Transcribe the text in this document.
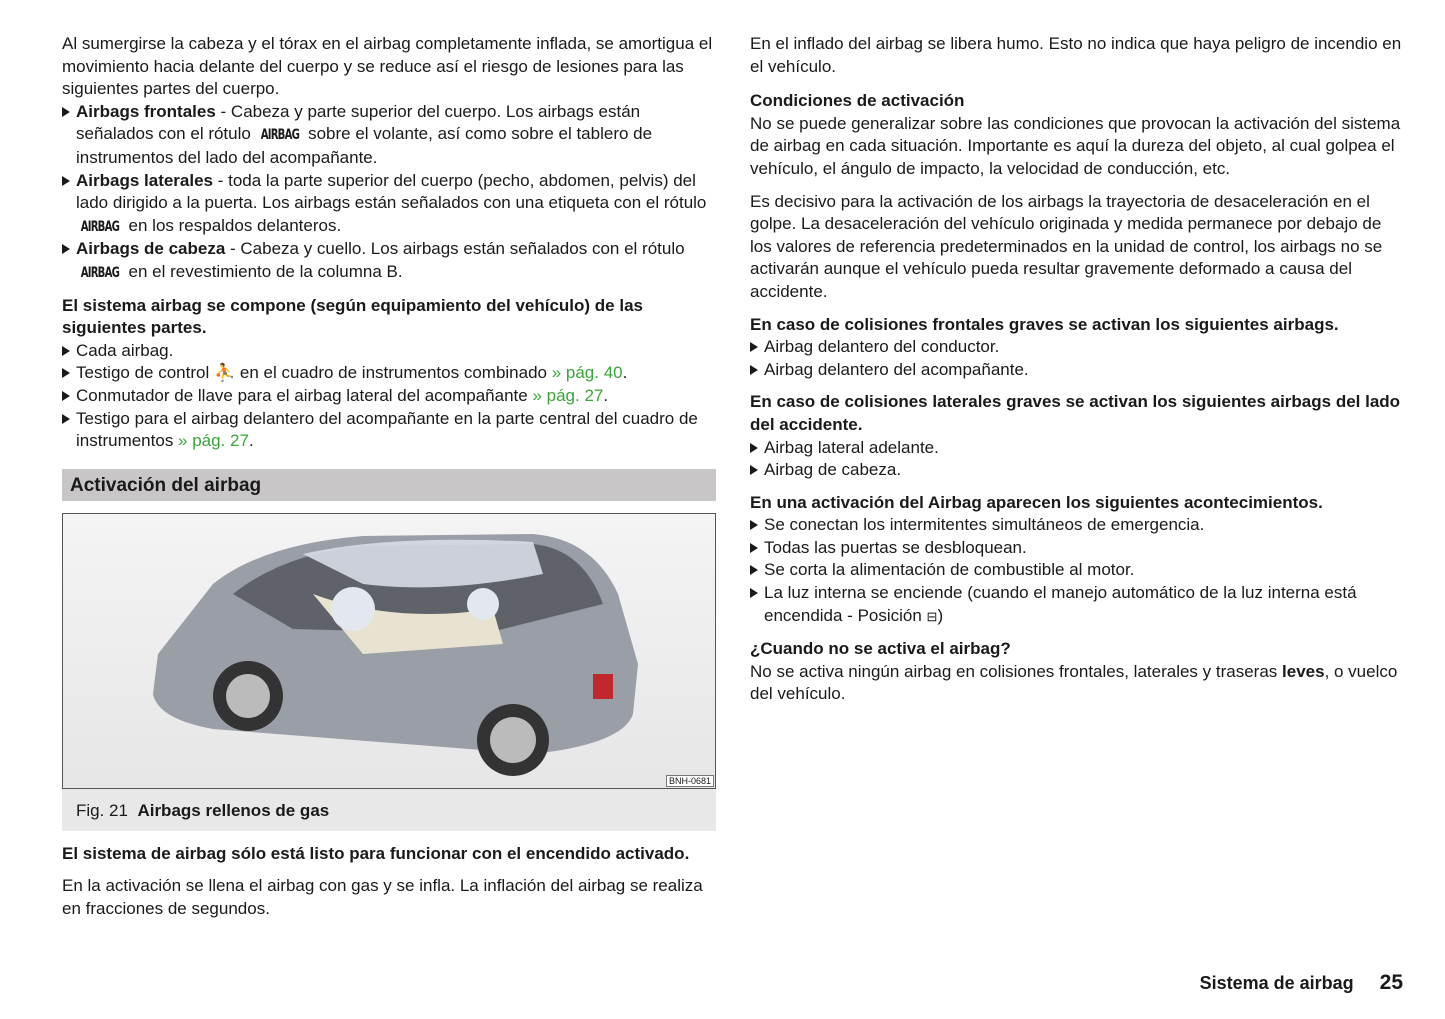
Al sumergirse la cabeza y el tórax en el airbag completamente inflada, se amortigua el movimiento hacia delante del cuerpo y se reduce así el riesgo de lesiones para las siguientes partes del cuerpo.

Airbags frontales - Cabeza y parte superior del cuerpo. Los airbags están señalados con el rótulo AIRBAG sobre el volante, así como sobre el tablero de instrumentos del lado del acompañante.
Airbags laterales - toda la parte superior del cuerpo (pecho, abdomen, pelvis) del lado dirigido a la puerta. Los airbags están señalados con una etiqueta con el rótulo AIRBAG en los respaldos delanteros.
Airbags de cabeza - Cabeza y cuello. Los airbags están señalados con el rótulo AIRBAG en el revestimiento de la columna B.

El sistema airbag se compone (según equipamiento del vehículo) de las siguientes partes.

Cada airbag.
Testigo de control ⛹ en el cuadro de instrumentos combinado » pág. 40.
Conmutador de llave para el airbag lateral del acompañante » pág. 27.
Testigo para el airbag delantero del acompañante en la parte central del cuadro de instrumentos » pág. 27.
Activación del airbag
BNH-0681
Fig. 21 Airbags rellenos de gas

El sistema de airbag sólo está listo para funcionar con el encendido activado.

En la activación se llena el airbag con gas y se infla. La inflación del airbag se realiza en fracciones de segundos.

En el inflado del airbag se libera humo. Esto no indica que haya peligro de incendio en el vehículo.

Condiciones de activación

No se puede generalizar sobre las condiciones que provocan la activación del sistema de airbag en cada situación. Importante es aquí la dureza del objeto, al cual golpea el vehículo, el ángulo de impacto, la velocidad de conducción, etc.

Es decisivo para la activación de los airbags la trayectoria de desaceleración en el golpe. La desaceleración del vehículo originada y medida permanece por debajo de los valores de referencia predeterminados en la unidad de control, los airbags no se activarán aunque el vehículo pueda resultar gravemente deformado a causa del accidente.

En caso de colisiones frontales graves se activan los siguientes airbags.

Airbag delantero del conductor.
Airbag delantero del acompañante.

En caso de colisiones laterales graves se activan los siguientes airbags del lado del accidente.

Airbag lateral adelante.
Airbag de cabeza.

En una activación del Airbag aparecen los siguientes acontecimientos.

Se conectan los intermitentes simultáneos de emergencia.
Todas las puertas se desbloquean.
Se corta la alimentación de combustible al motor.
La luz interna se enciende (cuando el manejo automático de la luz interna está encendida - Posición ⊟)

¿Cuando no se activa el airbag?

No se activa ningún airbag en colisiones frontales, laterales y traseras leves, o vuelco del vehículo.

Sistema de airbag 25
